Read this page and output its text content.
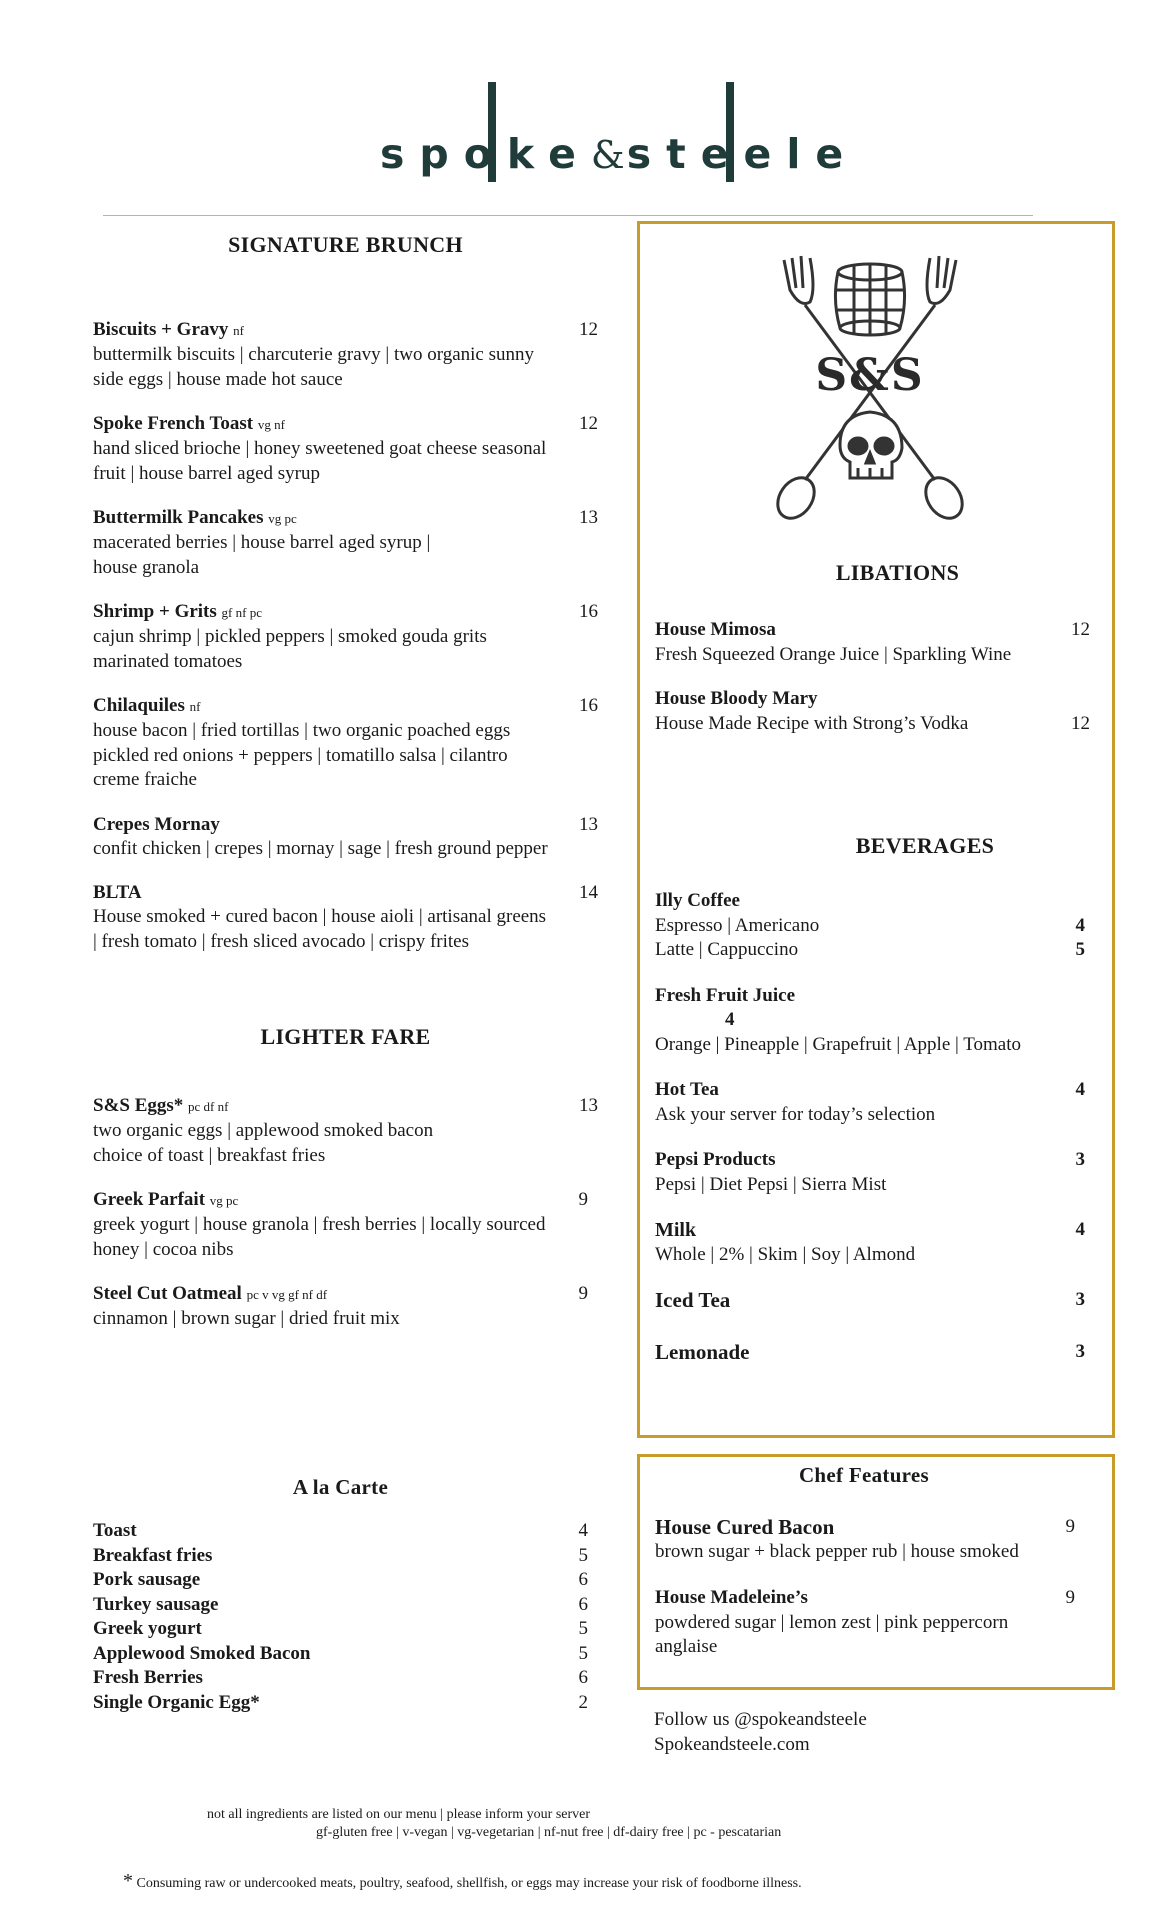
spoke&steele
SIGNATURE BRUNCH
Biscuits + Gravy nf	12
buttermilk biscuits | charcuterie gravy | two organic sunny
side eggs | house made hot sauce
Spoke French Toast vg nf	12
hand sliced brioche | honey sweetened goat cheese seasonal
fruit | house barrel aged syrup
Buttermilk Pancakes vg pc	13
macerated berries | house barrel aged syrup |
house granola
Shrimp + Grits gf nf pc	16
cajun shrimp | pickled peppers | smoked gouda grits
marinated tomatoes
Chilaquiles nf	16
house bacon | fried tortillas | two organic poached eggs
pickled red onions + peppers | tomatillo salsa | cilantro
creme fraiche
Crepes Mornay	13
confit chicken | crepes | mornay | sage | fresh ground pepper
BLTA	14
House smoked + cured bacon | house aioli | artisanal greens
| fresh tomato | fresh sliced avocado | crispy frites
LIGHTER FARE
S&S Eggs* pc df nf	13
two organic eggs | applewood smoked bacon
choice of toast | breakfast fries
Greek Parfait vg pc	9
greek yogurt | house granola | fresh berries | locally sourced
honey | cocoa nibs
Steel Cut Oatmeal pc v vg gf nf df	9
cinnamon | brown sugar | dried fruit mix
A la Carte
Toast	4
Breakfast fries	5
Pork sausage	6
Turkey sausage	6
Greek yogurt	5
Applewood Smoked Bacon	5
Fresh Berries	6
Single Organic Egg*	2
S&S
LIBATIONS
House Mimosa	12
Fresh Squeezed Orange Juice | Sparkling Wine
House Bloody Mary
House Made Recipe with Strong’s Vodka	12
BEVERAGES
Illy Coffee
Espresso | Americano	4
Latte | Cappuccino	5
Fresh Fruit Juice
4
Orange | Pineapple | Grapefruit | Apple | Tomato
Hot Tea	4
Ask your server for today’s selection
Pepsi Products	3
Pepsi | Diet Pepsi | Sierra Mist
Milk	4
Whole | 2% | Skim | Soy | Almond
Iced Tea	3
Lemonade	3
Chef Features
House Cured Bacon	9
brown sugar + black pepper rub | house smoked
House Madeleine’s	9
powdered sugar | lemon zest | pink peppercorn
anglaise
Follow us @spokeandsteele
Spokeandsteele.com
not all ingredients are listed on our menu | please inform your server
gf-gluten free | v-vegan | vg-vegetarian | nf-nut free | df-dairy free | pc - pescatarian
* Consuming raw or undercooked meats, poultry, seafood, shellfish, or eggs may increase your risk of foodborne illness.
